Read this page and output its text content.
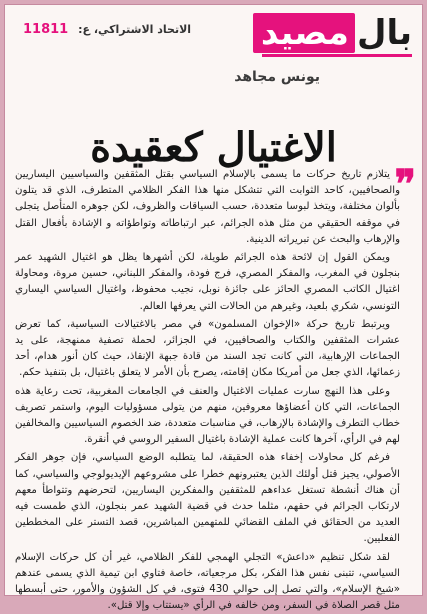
بال
مصيد
الاتحاد الاشتراكي، ع: 11811
يونس مجاهد
الاغتيال كعقيدة
❞

يتلازم تاريخ حركات ما يسمى بالإسلام السياسي بقتل المثقفين والسياسيين اليساريين والصحافيين، كاحد الثوابت التي تتشكل منها هذا الفكر الظلامي المتطرف، الذي قد يتلون بألوان مختلفة، ويتخذ لبوسا متعددة، حسب السياقات والظروف، لكن جوهره المتأصل يتجلى في موقفه الحقيقي من مثل هذه الجرائم، عبر ارتباطاته وتواطؤاته و الإشادة بأفعال القتل والإرهاب والبحث عن تبريراته الدينية.

ويمكن القول إن لائحة هذه الجرائم طويلة، لكن أشهرها يظل هو اغتيال الشهيد عمر بنجلون في المغرب، والمفكر المصري، فرج فودة، والمفكر اللبناني، حسين مروة، ومحاولة اغتيال الكاتب المصري الحائز على جائزة نوبل، نجيب محفوظ، واغتيال السياسي اليساري التونسي، شكري بلعيد، وغيرهم من الحالات التي يعرفها العالم.

ويرتبط تاريخ حركة «الإخوان المسلمون» في مصر بالاغتيالات السياسية، كما تعرض عشرات المثقفين والكتاب والصحافيين، في الجزائر، لحملة تصفية ممنهجة، على يد الجماعات الإرهابية، التي كانت تجد السند من قادة جبهة الإنقاذ، حيث كان أنور هدام، أحد زعمائها، الذي جعل من أمريكا مكان إقامته، يصرح بأن الأمر لا يتعلق باغتيال، بل بتنفيذ حكم.

وعلى هذا النهج سارت عمليات الاغتيال والعنف في الجامعات المغربية، تحت رعاية هذه الجماعات، التي كان أعضاؤها معروفين، منهم من يتولى مسؤوليات اليوم، واستمر تصريف خطاب التطرف والإشادة بالإرهاب، في مناسبات متعددة، ضد الخصوم السياسيين والمخالفين لهم في الرأي، آخرها كانت عملية الإشادة باغتيال السفير الروسي في أنقرة.

فرغم كل محاولات إخفاء هذه الحقيقة، لما يتطلبه الوضع السياسي، فإن جوهر الفكر الأصولي، يجيز قتل أولئك الذين يعتبرونهم خطرا على مشروعهم الإيديولوجي والسياسي، كما أن هناك أنشطة تستغل عداءهم للمثقفين والمفكرين اليساريين، لتحرضهم وتتواطأ معهم لارتكاب الجرائم في حقهم، مثلما حدث في قضية الشهيد عمر بنجلون، الذي طمست فيه العديد من الحقائق في الملف القضائي للمتهمين المباشرين، قصد التستر على المخططين الفعليين.

لقد شكل تنظيم «داعش» التجلي الهمجي للفكر الظلامي، غير أن كل حركات الإسلام السياسي، تتبنى نفس هذا الفكر، بكل مرجعياته، خاصة فتاوي ابن تيمية الذي يسمى عندهم «شيخ الإسلام»، والتي تصل إلى حوالي 430 فتوى، في كل الشؤون والأمور، حتى أبسطها مثل قصر الصلاة في السفر، ومن خالفه في الرأي «يستتاب وإلا قتل».
